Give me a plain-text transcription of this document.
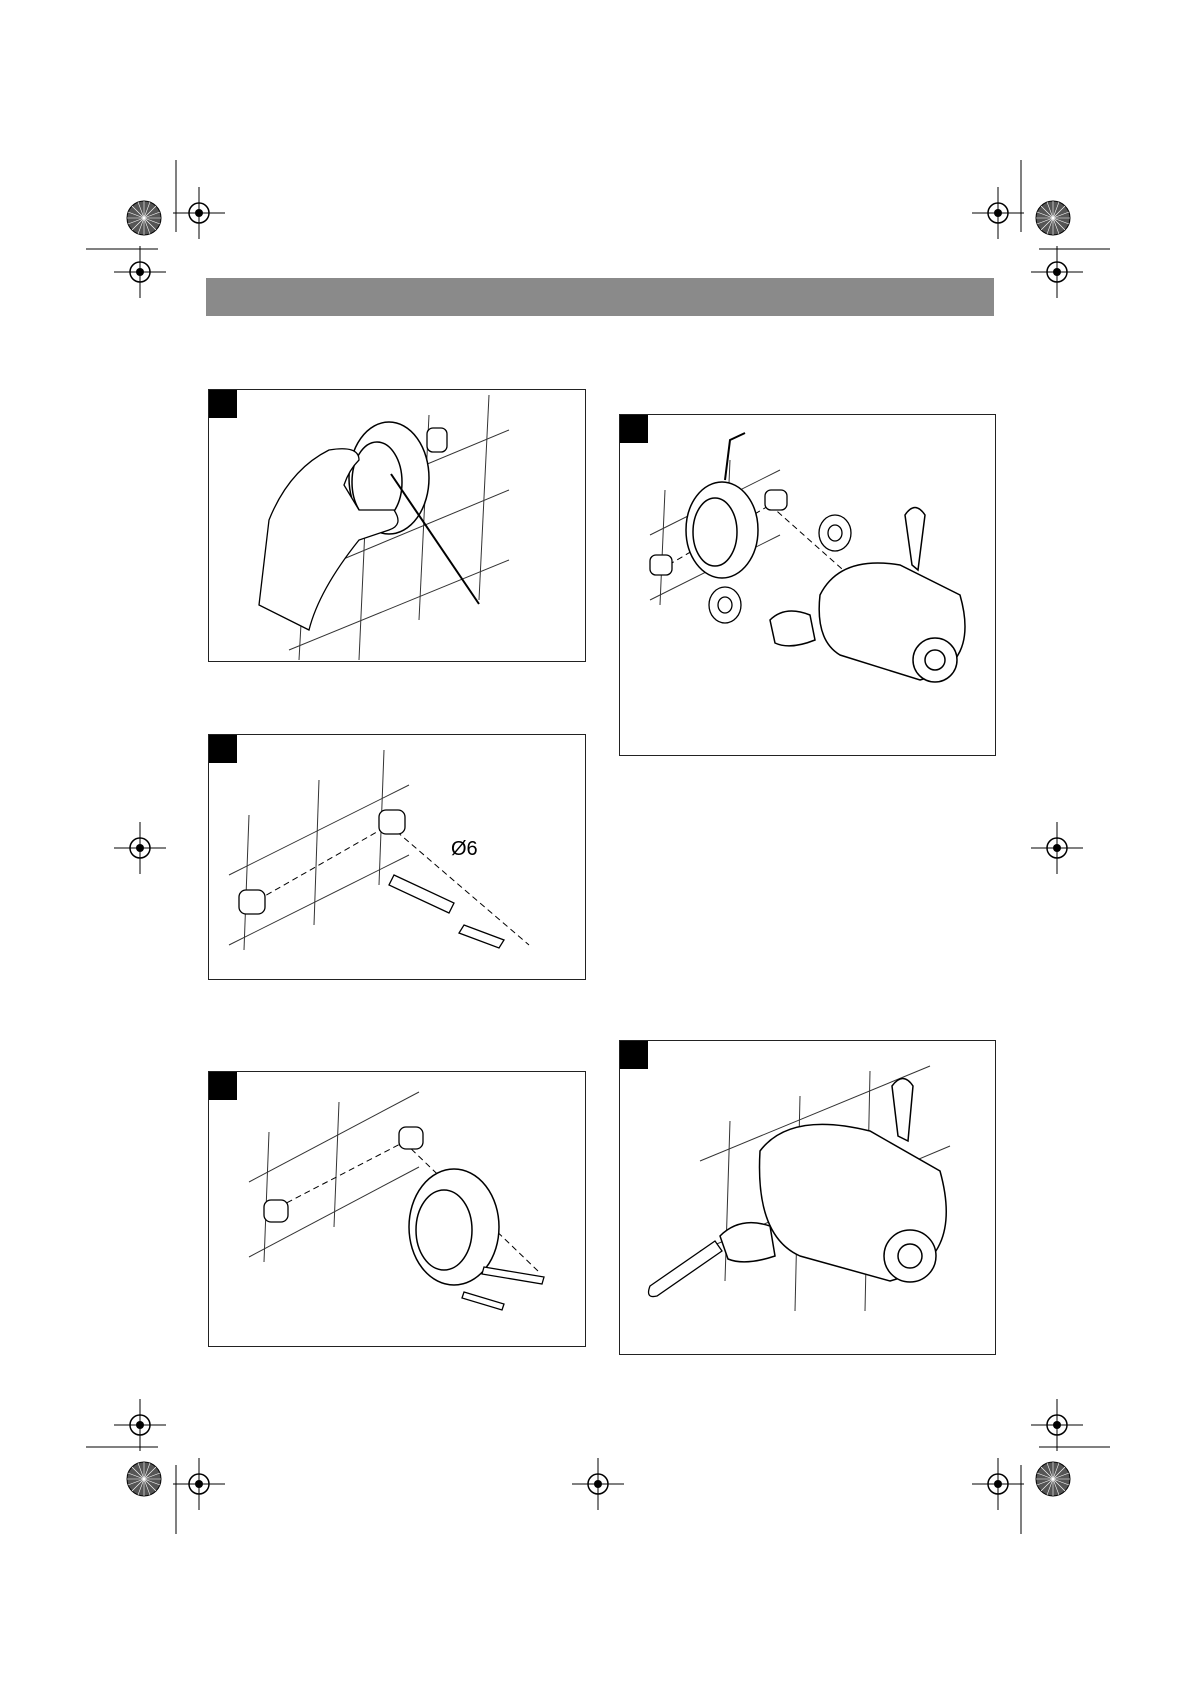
Ø6
